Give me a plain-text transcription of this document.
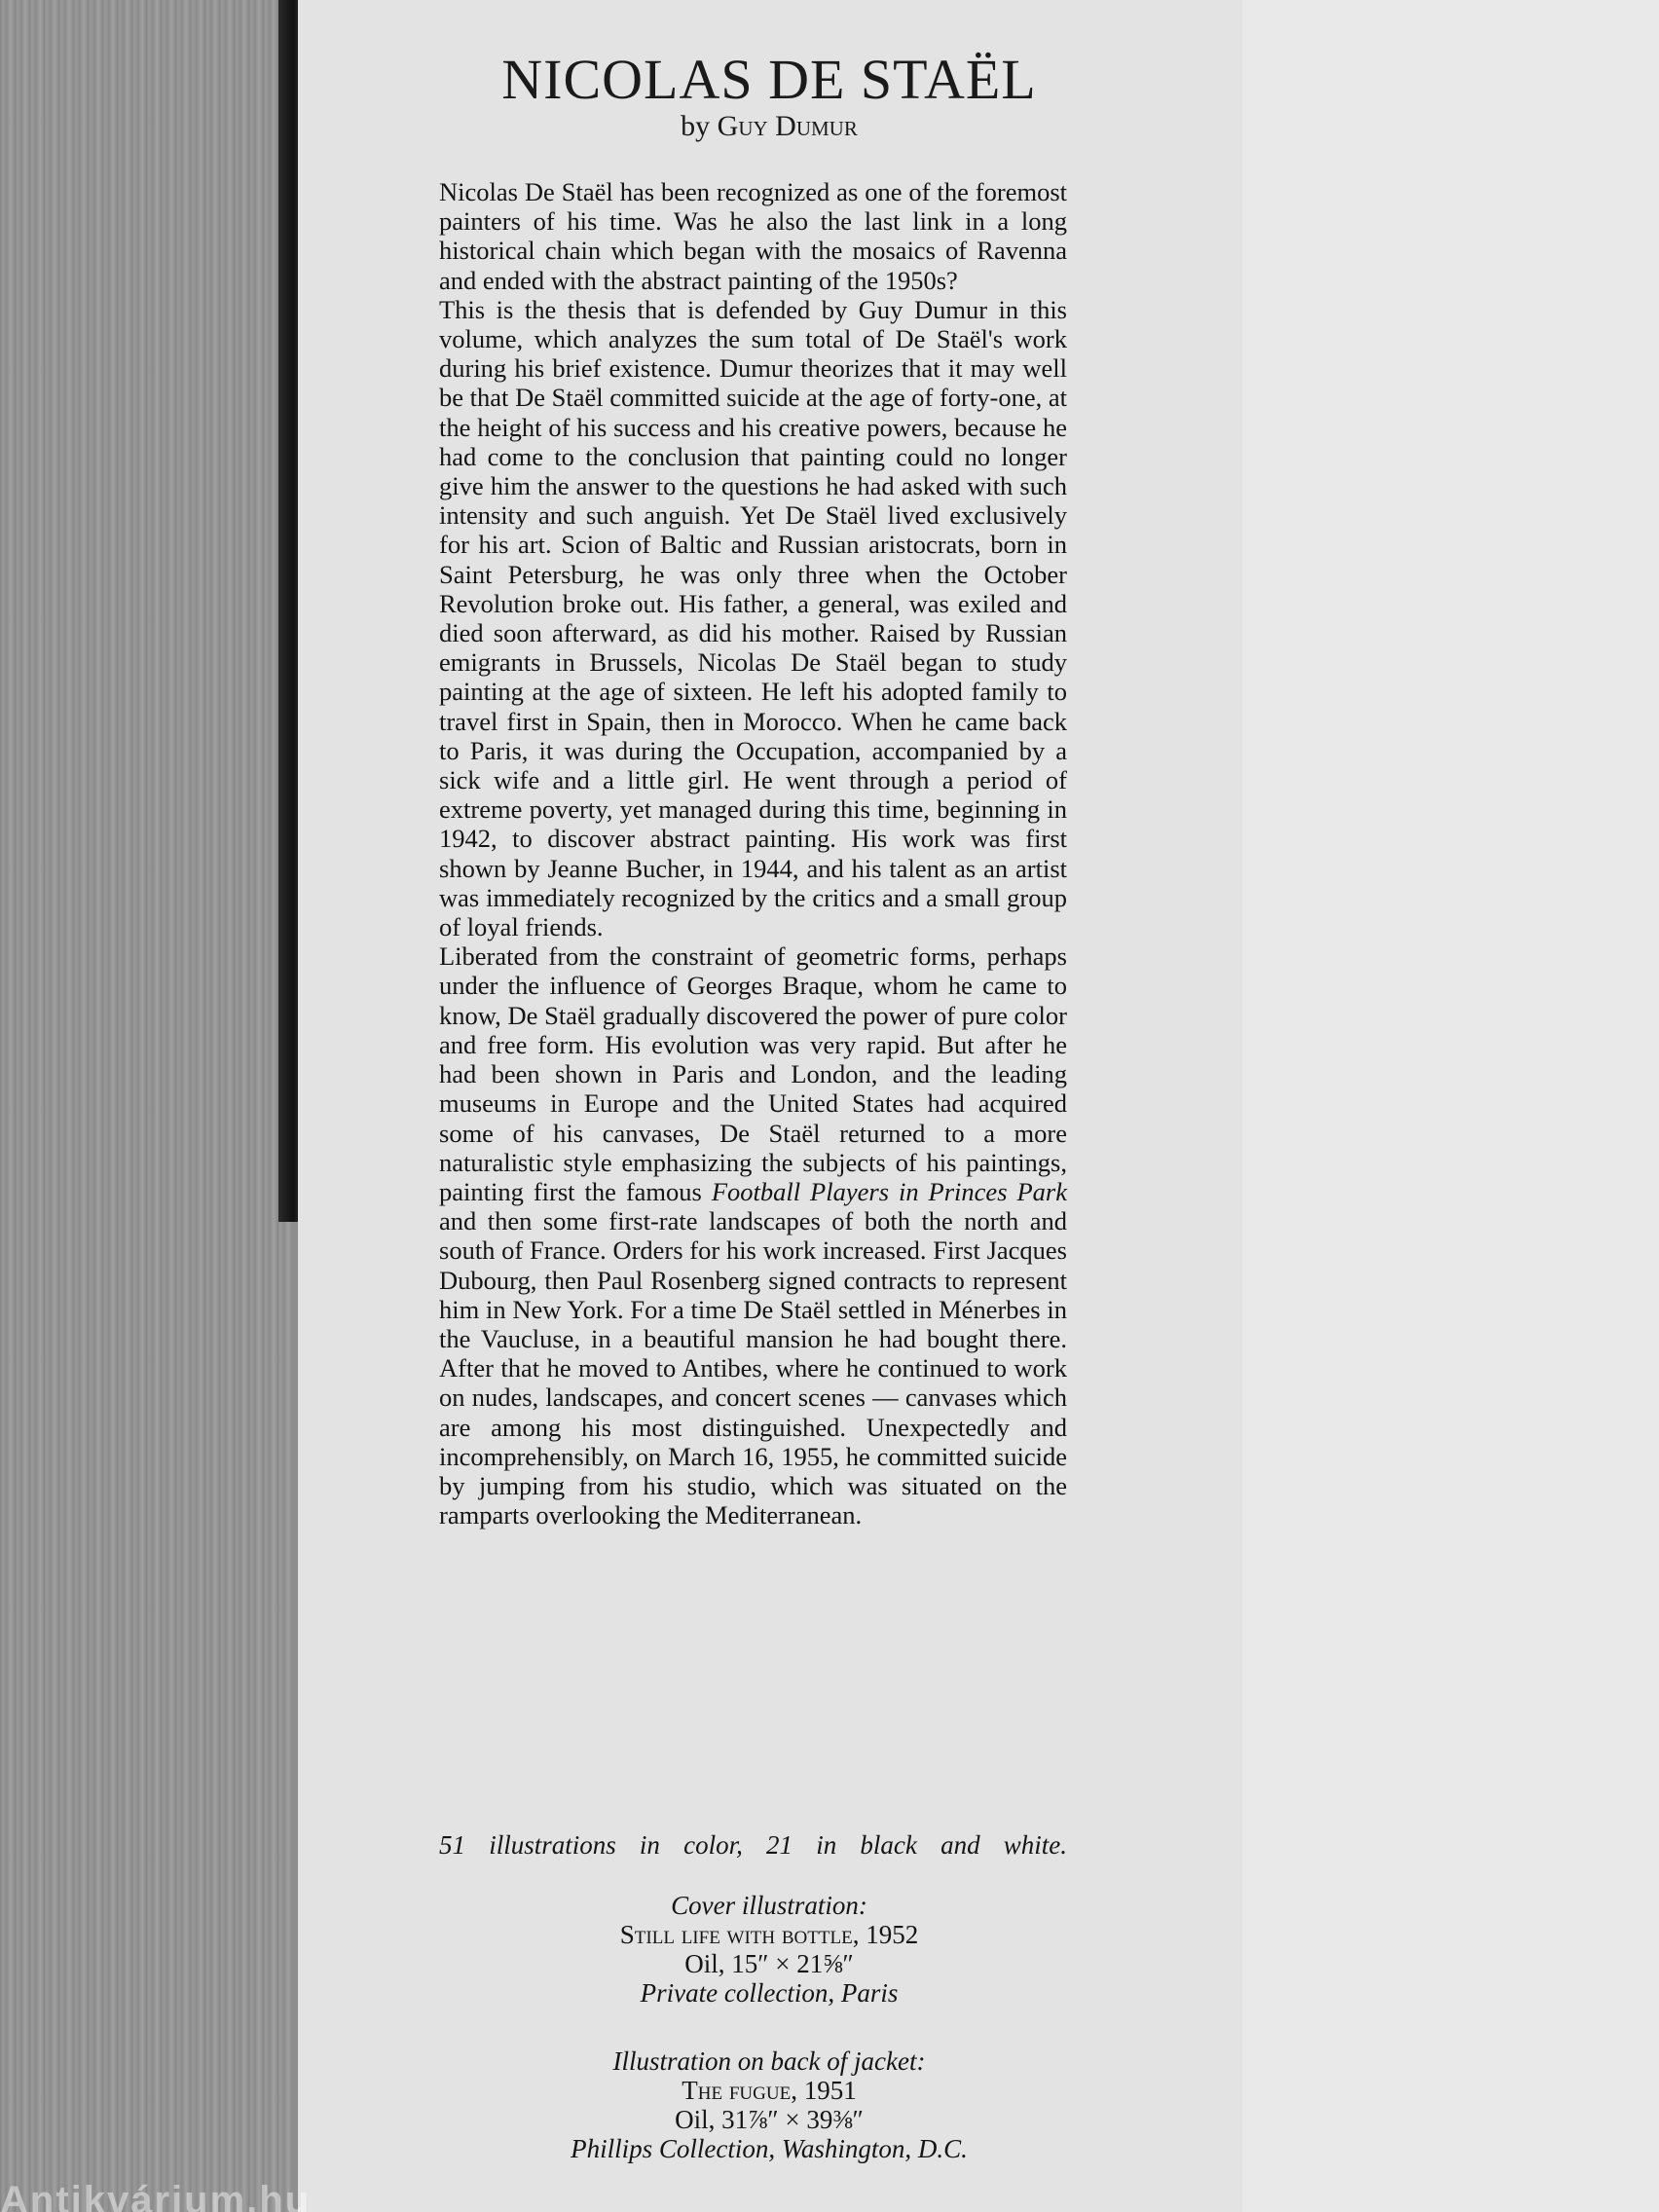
Antikvárium.hu
NICOLAS DE STAËL
by Guy Dumur

Nicolas De Staël has been recognized as one of the foremost painters of his time. Was he also the last link in a long historical chain which began with the mosaics of Ravenna and ended with the abstract painting of the 1950s?

This is the thesis that is defended by Guy Dumur in this volume, which analyzes the sum total of De Staël's work during his brief existence. Dumur theorizes that it may well be that De Staël committed suicide at the age of forty-one, at the height of his success and his creative powers, because he had come to the conclusion that painting could no longer give him the answer to the questions he had asked with such intensity and such anguish. Yet De Staël lived exclusively for his art. Scion of Baltic and Russian aristocrats, born in Saint Petersburg, he was only three when the October Revolution broke out. His father, a general, was exiled and died soon afterward, as did his mother. Raised by Russian emigrants in Brussels, Nicolas De Staël began to study painting at the age of sixteen. He left his adopted family to travel first in Spain, then in Morocco. When he came back to Paris, it was during the Occupation, accompanied by a sick wife and a little girl. He went through a period of extreme poverty, yet managed during this time, beginning in 1942, to discover abstract painting. His work was first shown by Jeanne Bucher, in 1944, and his talent as an artist was immediately recognized by the critics and a small group of loyal friends.

Liberated from the constraint of geometric forms, perhaps under the influence of Georges Braque, whom he came to know, De Staël gradually discovered the power of pure color and free form. His evolution was very rapid. But after he had been shown in Paris and London, and the leading museums in Europe and the United States had acquired some of his canvases, De Staël returned to a more naturalistic style emphasizing the subjects of his paintings, painting first the famous Football Players in Princes Park and then some first-rate landscapes of both the north and south of France. Orders for his work increased. First Jacques Dubourg, then Paul Rosenberg signed contracts to represent him in New York. For a time De Staël settled in Ménerbes in the Vaucluse, in a beautiful mansion he had bought there. After that he moved to Antibes, where he continued to work on nudes, landscapes, and concert scenes — canvases which are among his most distinguished. Unexpectedly and incomprehensibly, on March 16, 1955, he committed suicide by jumping from his studio, which was situated on the ramparts overlooking the Mediterranean.

51 illustrations in color, 21 in black and white.
Cover illustration:
Still life with bottle, 1952
Oil, 15″ × 21⅝″
Private collection, Paris
Illustration on back of jacket:
The fugue, 1951
Oil, 31⅞″ × 39⅜″
Phillips Collection, Washington, D.C.
